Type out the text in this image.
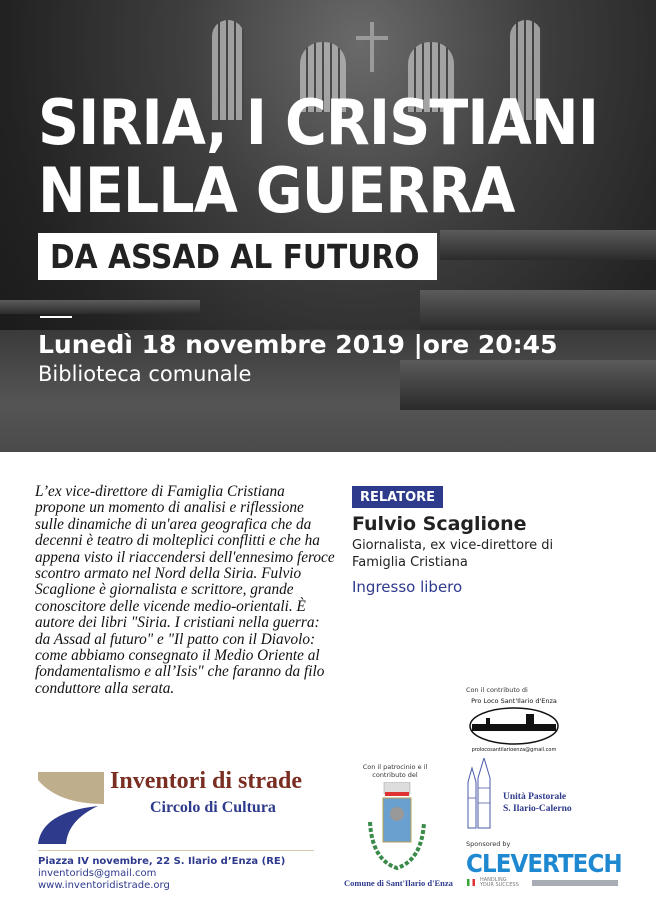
SIRIA, I CRISTIANI
NELLA GUERRA
DA ASSAD AL FUTURO
Lunedì 18 novembre 2019 |ore 20:45
Biblioteca comunale
L’ex vice-direttore di Famiglia Cristiana propone un momento di analisi e riflessione sulle dinamiche di un'area geografica che da decenni è teatro di molteplici conflitti e che ha appena visto il riaccendersi dell'ennesimo feroce scontro armato nel Nord della Siria. Fulvio Scaglione è giornalista e scrittore, grande conoscitore delle vicende medio-orientali. È autore dei libri "Siria. I cristiani nella guerra: da Assad al futuro" e "Il patto con il Diavolo: come abbiamo consegnato il Medio Oriente al fondamentalismo e all’Isis" che faranno da filo conduttore alla serata.
RELATORE
Fulvio Scaglione
Giornalista, ex vice-direttore di Famiglia Cristiana
Ingresso libero
Inventori di strade
Circolo di Cultura
Piazza IV novembre, 22 S. Ilario d’Enza (RE)
inventorids@gmail.com
www.inventoridistrade.org
Con il contributo di
Pro Loco Sant'Ilario d'Enza
prolocosantilarioenza@gmail.com
Con il patrocinio e il contributo del
Comune di Sant'Ilario d'Enza
Unità Pastorale
S. Ilario-Calerno
Sponsored by
CLEVERTECH
HANDLING YOUR SUCCESS
